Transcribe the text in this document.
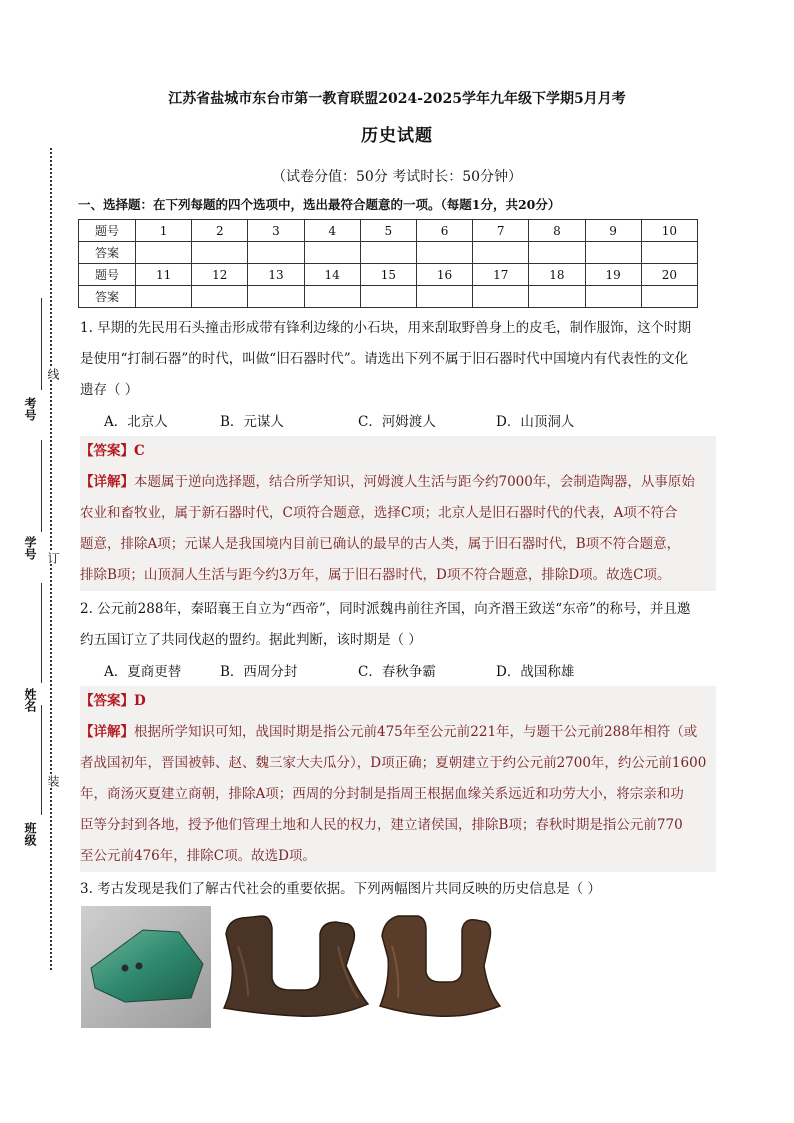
考号
学号
姓名
班级
线
订
装
江苏省盐城市东台市第一教育联盟2024-2025学年九年级下学期5月月考
历史试题
（试卷分值：50分 考试时长：50分钟）
一、选择题：在下列每题的四个选项中，选出最符合题意的一项。（每题1分，共20分）
题号	1	2	3	4	5	6	7	8	9	10
答案										
题号	11	12	13	14	15	16	17	18	19	20
答案										
1. 早期的先民用石头撞击形成带有锋利边缘的小石块，用来刮取野兽身上的皮毛，制作服饰，这个时期
是使用“打制石器”的时代，叫做“旧石器时代”。请选出下列不属于旧石器时代中国境内有代表性的文化
遗存（ ）
A．北京人	B．元谋人	C．河姆渡人	D．山顶洞人
【答案】C
【详解】本题属于逆向选择题，结合所学知识，河姆渡人生活与距今约7000年，会制造陶器，从事原始
农业和畜牧业，属于新石器时代，C项符合题意，选择C项；北京人是旧石器时代的代表，A项不符合
题意，排除A项；元谋人是我国境内目前已确认的最早的古人类，属于旧石器时代，B项不符合题意，
排除B项；山顶洞人生活与距今约3万年，属于旧石器时代，D项不符合题意，排除D项。故选C项。
2. 公元前288年，秦昭襄王自立为“西帝”，同时派魏冉前往齐国，向齐湣王致送“东帝”的称号，并且邀
约五国订立了共同伐赵的盟约。据此判断，该时期是（ ）
A．夏商更替	B．西周分封	C．春秋争霸	D．战国称雄
【答案】D
【详解】根据所学知识可知，战国时期是指公元前475年至公元前221年，与题干公元前288年相符（或
者战国初年，晋国被韩、赵、魏三家大夫瓜分），D项正确；夏朝建立于约公元前2700年，约公元前1600
年，商汤灭夏建立商朝，排除A项；西周的分封制是指周王根据血缘关系远近和功劳大小，将宗亲和功
臣等分封到各地，授予他们管理土地和人民的权力，建立诸侯国，排除B项；春秋时期是指公元前770
至公元前476年，排除C项。故选D项。
3. 考古发现是我们了解古代社会的重要依据。下列两幅图片共同反映的历史信息是（ ）
